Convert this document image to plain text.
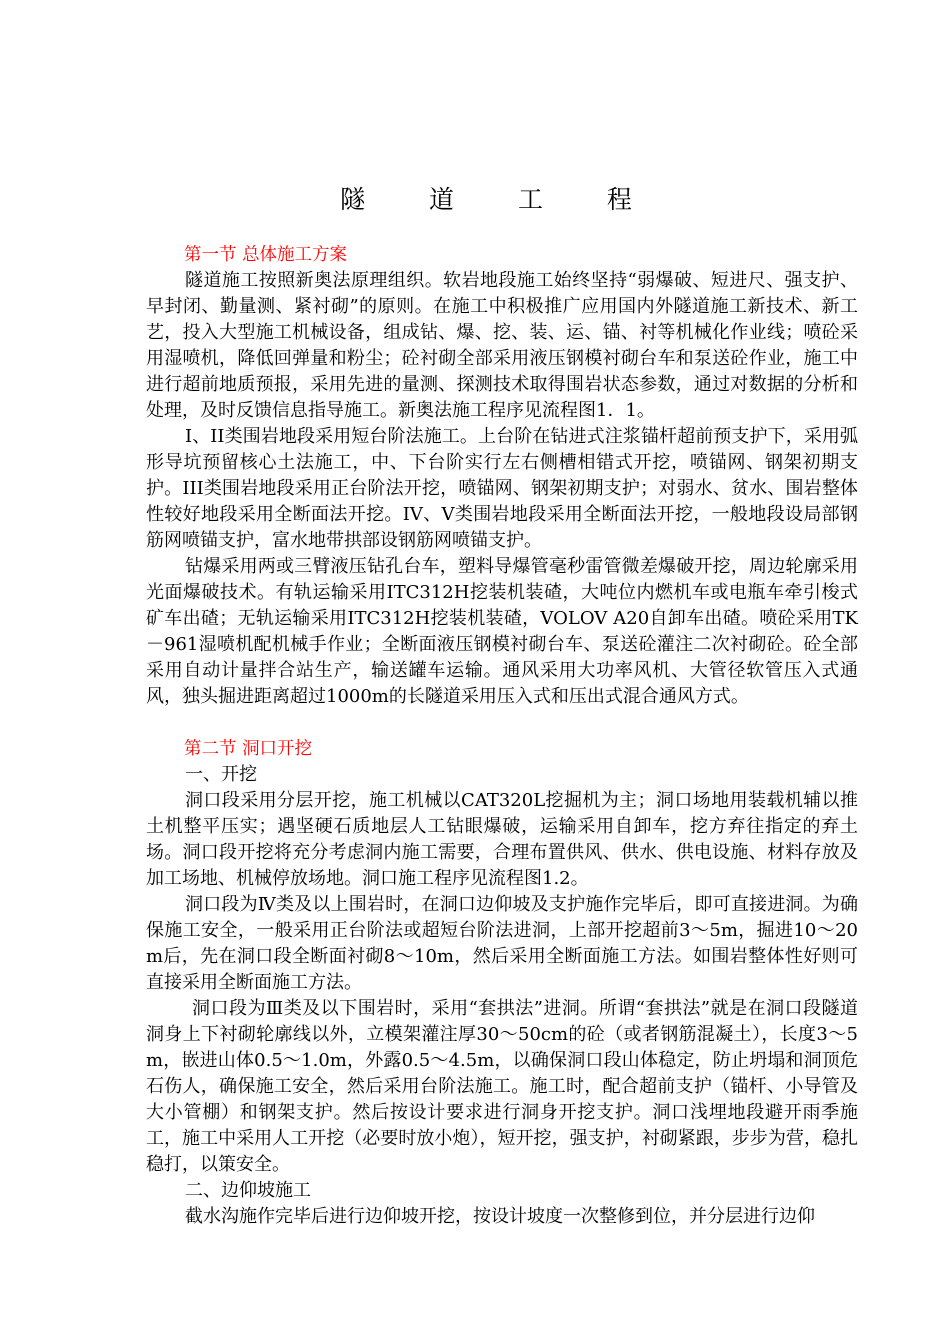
隧 道 工 程

第一节 总体施工方案

隧道施工按照新奥法原理组织。软岩地段施工始终坚持“弱爆破、短进尺、强支护、早封闭、勤量测、紧衬砌”的原则。在施工中积极推广应用国内外隧道施工新技术、新工艺，投入大型施工机械设备，组成钻、爆、挖、装、运、锚、衬等机械化作业线；喷砼采用湿喷机，降低回弹量和粉尘；砼衬砌全部采用液压钢模衬砌台车和泵送砼作业，施工中进行超前地质预报，采用先进的量测、探测技术取得围岩状态参数，通过对数据的分析和处理，及时反馈信息指导施工。新奥法施工程序见流程图1．1。

I、II类围岩地段采用短台阶法施工。上台阶在钻进式注浆锚杆超前预支护下，采用弧形导坑预留核心土法施工，中、下台阶实行左右侧槽相错式开挖，喷锚网、钢架初期支护。III类围岩地段采用正台阶法开挖，喷锚网、钢架初期支护；对弱水、贫水、围岩整体性较好地段采用全断面法开挖。IV、V类围岩地段采用全断面法开挖，一般地段设局部钢筋网喷锚支护，富水地带拱部设钢筋网喷锚支护。

钻爆采用两或三臂液压钻孔台车，塑料导爆管毫秒雷管微差爆破开挖，周边轮廓采用光面爆破技术。有轨运输采用ITC312H挖装机装碴，大吨位内燃机车或电瓶车牵引梭式矿车出碴；无轨运输采用ITC312H挖装机装碴，VOLOV A20自卸车出碴。喷砼采用TK－961湿喷机配机械手作业；全断面液压钢模衬砌台车、泵送砼灌注二次衬砌砼。砼全部采用自动计量拌合站生产，输送罐车运输。通风采用大功率风机、大管径软管压入式通风，独头掘进距离超过1000m的长隧道采用压入式和压出式混合通风方式。

第二节 洞口开挖

一、开挖

洞口段采用分层开挖，施工机械以CAT320L挖掘机为主；洞口场地用装载机辅以推土机整平压实；遇坚硬石质地层人工钻眼爆破，运输采用自卸车，挖方弃往指定的弃土场。洞口段开挖将充分考虑洞内施工需要，合理布置供风、供水、供电设施、材料存放及加工场地、机械停放场地。洞口施工程序见流程图1.2。

洞口段为Ⅳ类及以上围岩时，在洞口边仰坡及支护施作完毕后，即可直接进洞。为确保施工安全，一般采用正台阶法或超短台阶法进洞，上部开挖超前3～5m，掘进10～20m后，先在洞口段全断面衬砌8～10m，然后采用全断面施工方法。如围岩整体性好则可直接采用全断面施工方法。

洞口段为Ⅲ类及以下围岩时，采用“套拱法”进洞。所谓“套拱法”就是在洞口段隧道洞身上下衬砌轮廓线以外，立模架灌注厚30～50cm的砼（或者钢筋混凝土），长度3～5m，嵌进山体0.5～1.0m，外露0.5～4.5m，以确保洞口段山体稳定，防止坍塌和洞顶危石伤人，确保施工安全，然后采用台阶法施工。施工时，配合超前支护（锚杆、小导管及大小管棚）和钢架支护。然后按设计要求进行洞身开挖支护。洞口浅埋地段避开雨季施工，施工中采用人工开挖（必要时放小炮），短开挖，强支护，衬砌紧跟，步步为营，稳扎稳打，以策安全。

二、边仰坡施工

截水沟施作完毕后进行边仰坡开挖，按设计坡度一次整修到位，并分层进行边仰
